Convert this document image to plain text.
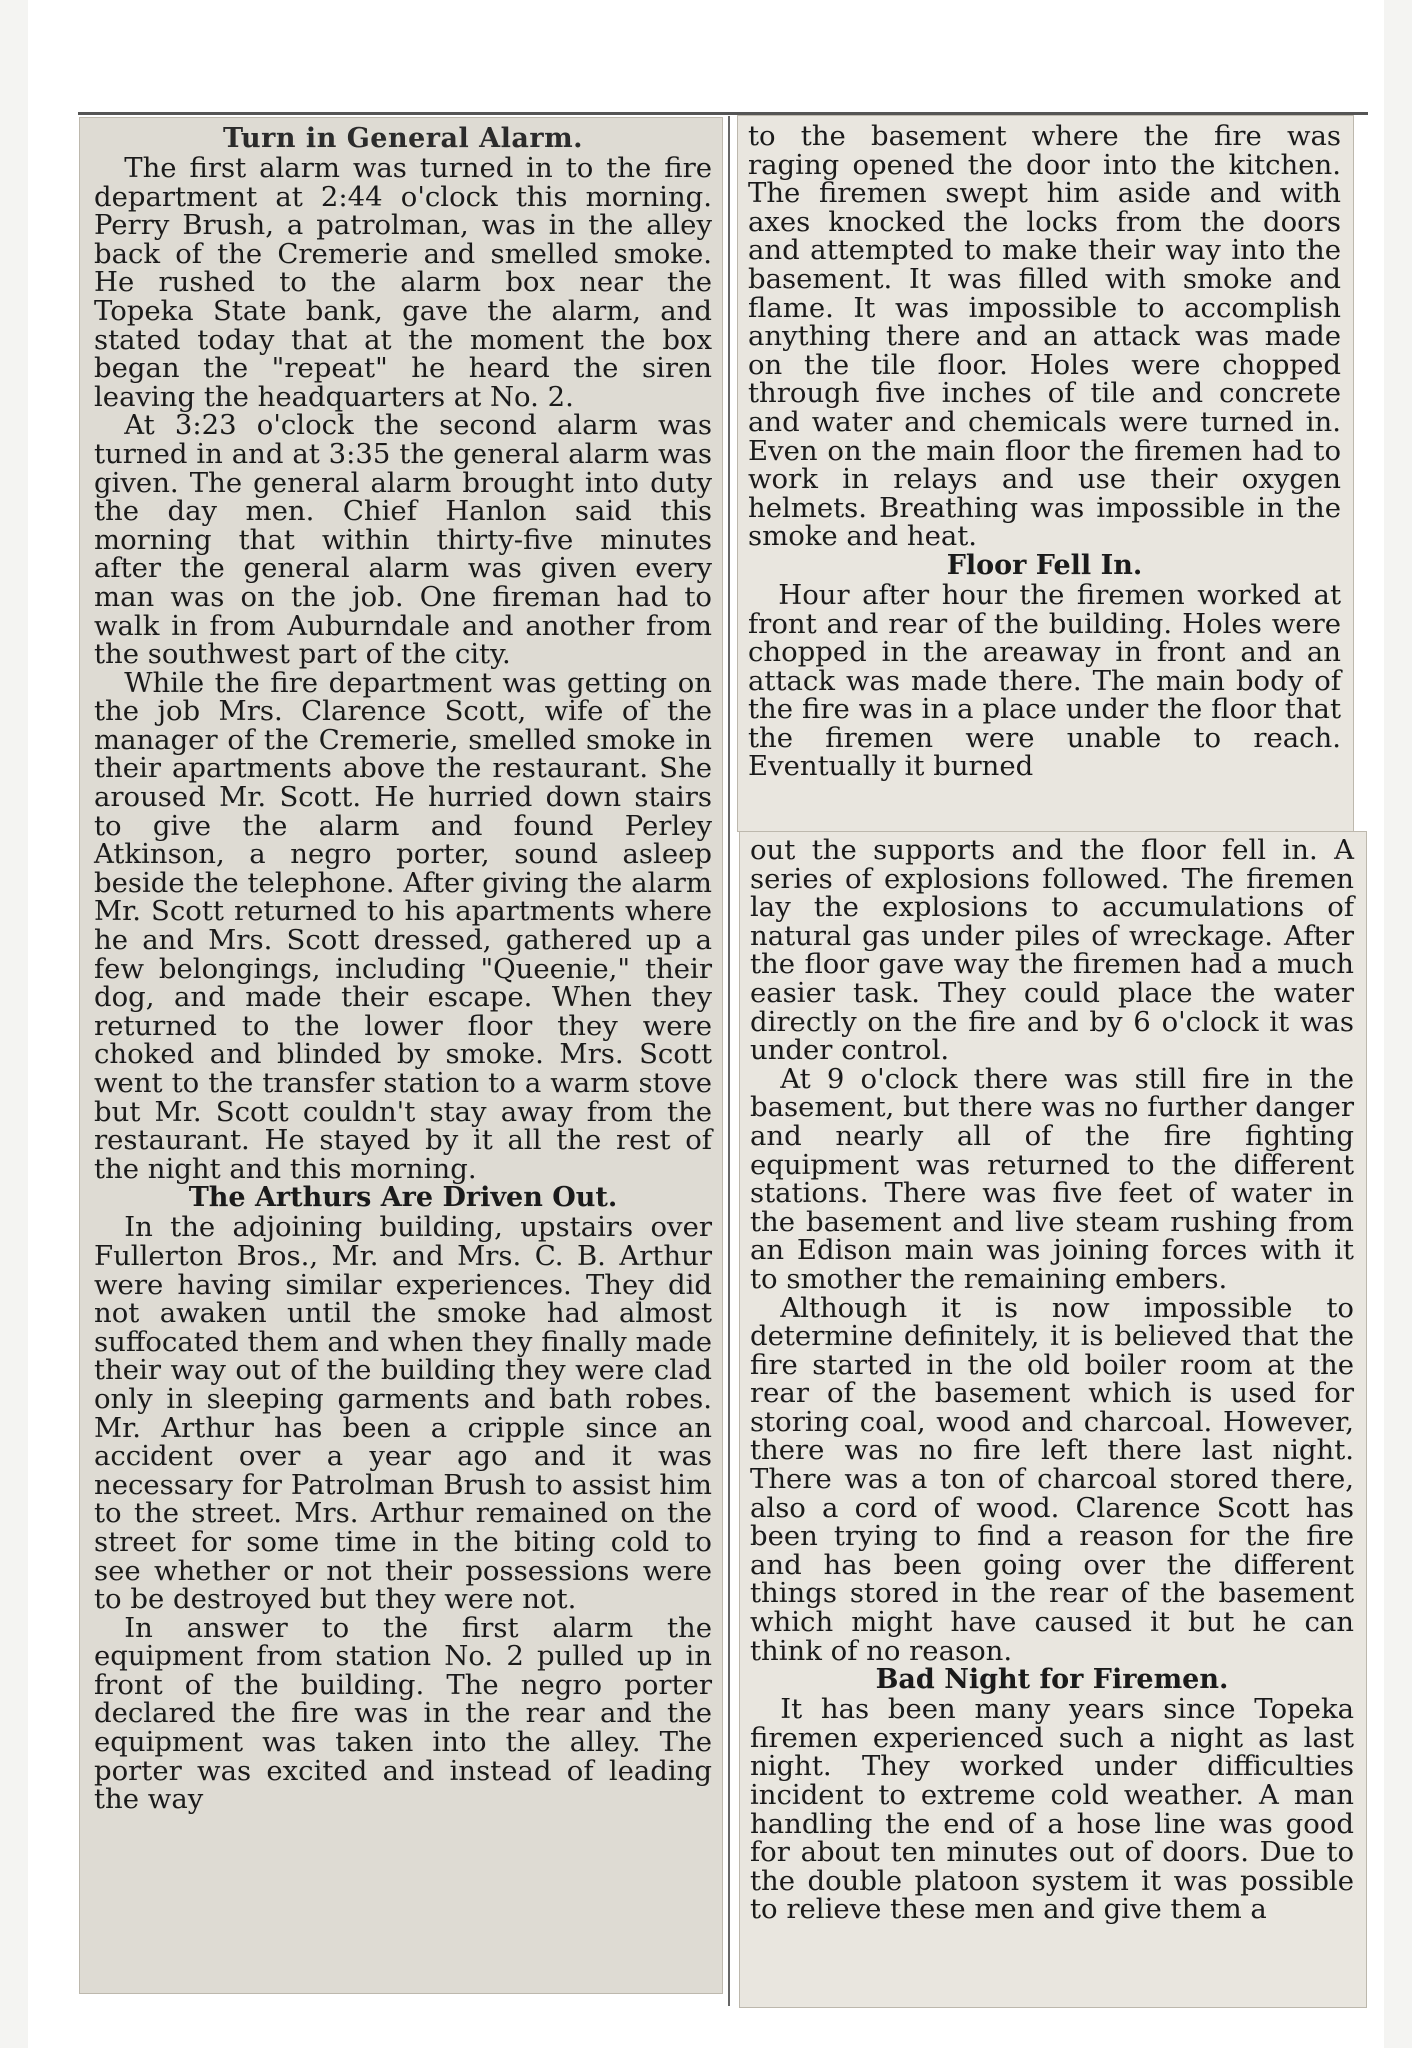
Turn in General Alarm.

The first alarm was turned in to the fire department at 2:44 o'clock this morning. Perry Brush, a patrolman, was in the alley back of the Cremerie and smelled smoke. He rushed to the alarm box near the Topeka State bank, gave the alarm, and stated today that at the moment the box began the "repeat" he heard the siren leaving the headquarters at No. 2.

At 3:23 o'clock the second alarm was turned in and at 3:35 the general alarm was given. The general alarm brought into duty the day men. Chief Hanlon said this morning that within thirty-five minutes after the general alarm was given every man was on the job. One fireman had to walk in from Auburndale and another from the southwest part of the city.

While the fire department was getting on the job Mrs. Clarence Scott, wife of the manager of the Cremerie, smelled smoke in their apartments above the restaurant. She aroused Mr. Scott. He hurried down stairs to give the alarm and found Perley Atkinson, a negro porter, sound asleep beside the telephone. After giving the alarm Mr. Scott returned to his apartments where he and Mrs. Scott dressed, gathered up a few belongings, including "Queenie," their dog, and made their escape. When they returned to the lower floor they were choked and blinded by smoke. Mrs. Scott went to the transfer station to a warm stove but Mr. Scott couldn't stay away from the restaurant. He stayed by it all the rest of the night and this morning.

The Arthurs Are Driven Out.

In the adjoining building, upstairs over Fullerton Bros., Mr. and Mrs. C. B. Arthur were having similar experiences. They did not awaken until the smoke had almost suffocated them and when they finally made their way out of the building they were clad only in sleeping garments and bath robes. Mr. Arthur has been a cripple since an accident over a year ago and it was necessary for Patrolman Brush to assist him to the street. Mrs. Arthur remained on the street for some time in the biting cold to see whether or not their possessions were to be destroyed but they were not.

In answer to the first alarm the equipment from station No. 2 pulled up in front of the building. The negro porter declared the fire was in the rear and the equipment was taken into the alley. The porter was excited and instead of leading the way

to the basement where the fire was raging opened the door into the kitchen. The firemen swept him aside and with axes knocked the locks from the doors and attempted to make their way into the basement. It was filled with smoke and flame. It was impossible to accomplish anything there and an attack was made on the tile floor. Holes were chopped through five inches of tile and concrete and water and chemicals were turned in. Even on the main floor the firemen had to work in relays and use their oxygen helmets. Breathing was impossible in the smoke and heat.

Floor Fell In.

Hour after hour the firemen worked at front and rear of the building. Holes were chopped in the areaway in front and an attack was made there. The main body of the fire was in a place under the floor that the firemen were unable to reach. Eventually it burned

out the supports and the floor fell in. A series of explosions followed. The firemen lay the explosions to accumulations of natural gas under piles of wreckage. After the floor gave way the firemen had a much easier task. They could place the water directly on the fire and by 6 o'clock it was under control.

At 9 o'clock there was still fire in the basement, but there was no further danger and nearly all of the fire fighting equipment was returned to the different stations. There was five feet of water in the basement and live steam rushing from an Edison main was joining forces with it to smother the remaining embers.

Although it is now impossible to determine definitely, it is believed that the fire started in the old boiler room at the rear of the basement which is used for storing coal, wood and charcoal. However, there was no fire left there last night. There was a ton of charcoal stored there, also a cord of wood. Clarence Scott has been trying to find a reason for the fire and has been going over the different things stored in the rear of the basement which might have caused it but he can think of no reason.

Bad Night for Firemen.

It has been many years since Topeka firemen experienced such a night as last night. They worked under difficulties incident to extreme cold weather. A man handling the end of a hose line was good for about ten minutes out of doors. Due to the double platoon system it was possible to relieve these men and give them a
